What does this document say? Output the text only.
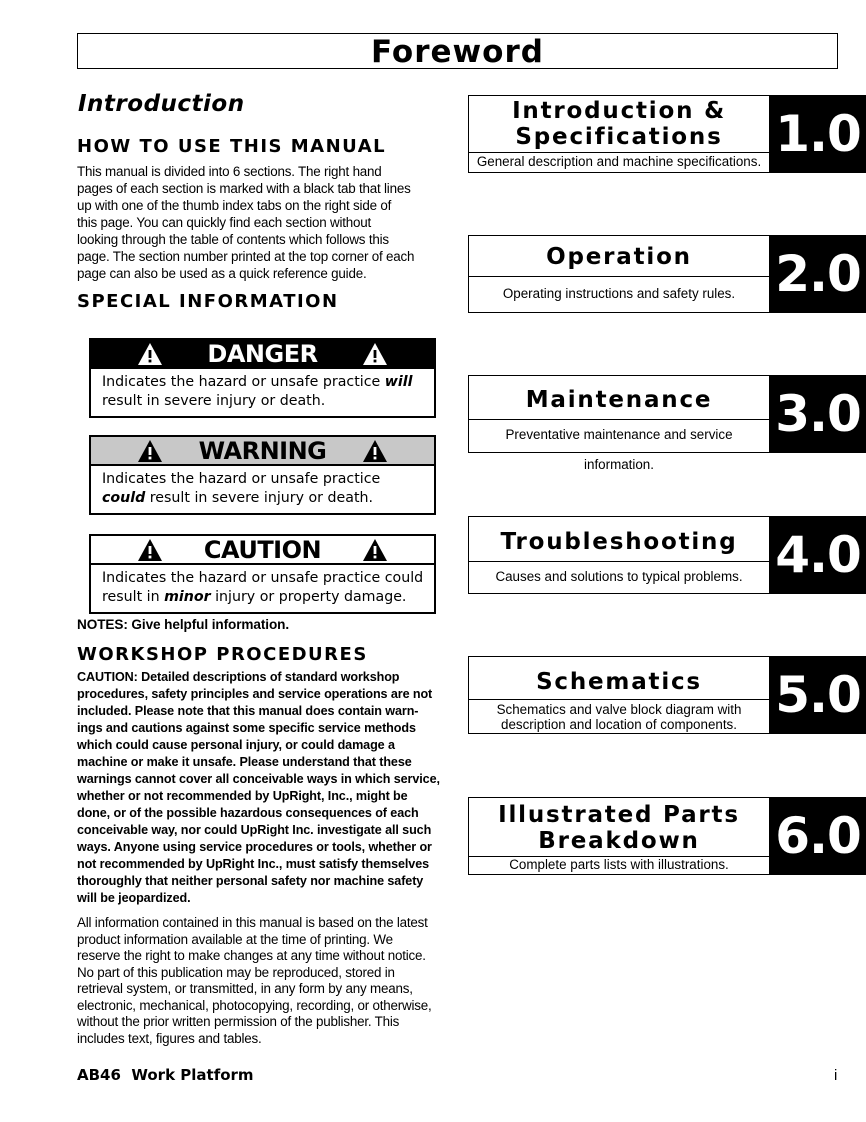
Foreword
Introduction
HOW TO USE THIS MANUAL
This manual is divided into 6 sections. The right hand
pages of each section is marked with a black tab that lines
up with one of the thumb index tabs on the right side of
this page. You can quickly find each section without
looking through the table of contents which follows this
page. The section number printed at the top corner of each
page can also be used as a quick reference guide.
SPECIAL INFORMATION
DANGER
Indicates the hazard or unsafe practice will
result in severe injury or death.
WARNING
Indicates the hazard or unsafe practice
could result in severe injury or death.
CAUTION
Indicates the hazard or unsafe practice could
result in minor injury or property damage.
NOTES: Give helpful information.
WORKSHOP PROCEDURES
CAUTION: Detailed descriptions of standard workshop
procedures, safety principles and service operations are not
included. Please note that this manual does contain warn-
ings and cautions against some specific service methods
which could cause personal injury, or could damage a
machine or make it unsafe. Please understand that these
warnings cannot cover all conceivable ways in which service,
whether or not recommended by UpRight, Inc., might be
done, or of the possible hazardous consequences of each
conceivable way, nor could UpRight Inc. investigate all such
ways. Anyone using service procedures or tools, whether or
not recommended by UpRight Inc., must satisfy themselves
thoroughly that neither personal safety nor machine safety
will be jeopardized.
All information contained in this manual is based on the latest
product information available at the time of printing. We
reserve the right to make changes at any time without notice.
No part of this publication may be reproduced, stored in
retrieval system, or transmitted, in any form by any means,
electronic, mechanical, photocopying, recording, or otherwise,
without the prior written permission of the publisher. This
includes text, figures and tables.
AB46  Work Platform	i
Introduction &
Specifications
General description and machine specifications. 1.0
Operation
Operating instructions and safety rules. 2.0
Maintenance
Preventative maintenance and service information.
3.0
Troubleshooting
Causes and solutions to typical problems. 4.0
Schematics
Schematics and valve block diagram with
description and location of components.
5.0
Illustrated Parts
Breakdown
Complete parts lists with illustrations. 6.0
